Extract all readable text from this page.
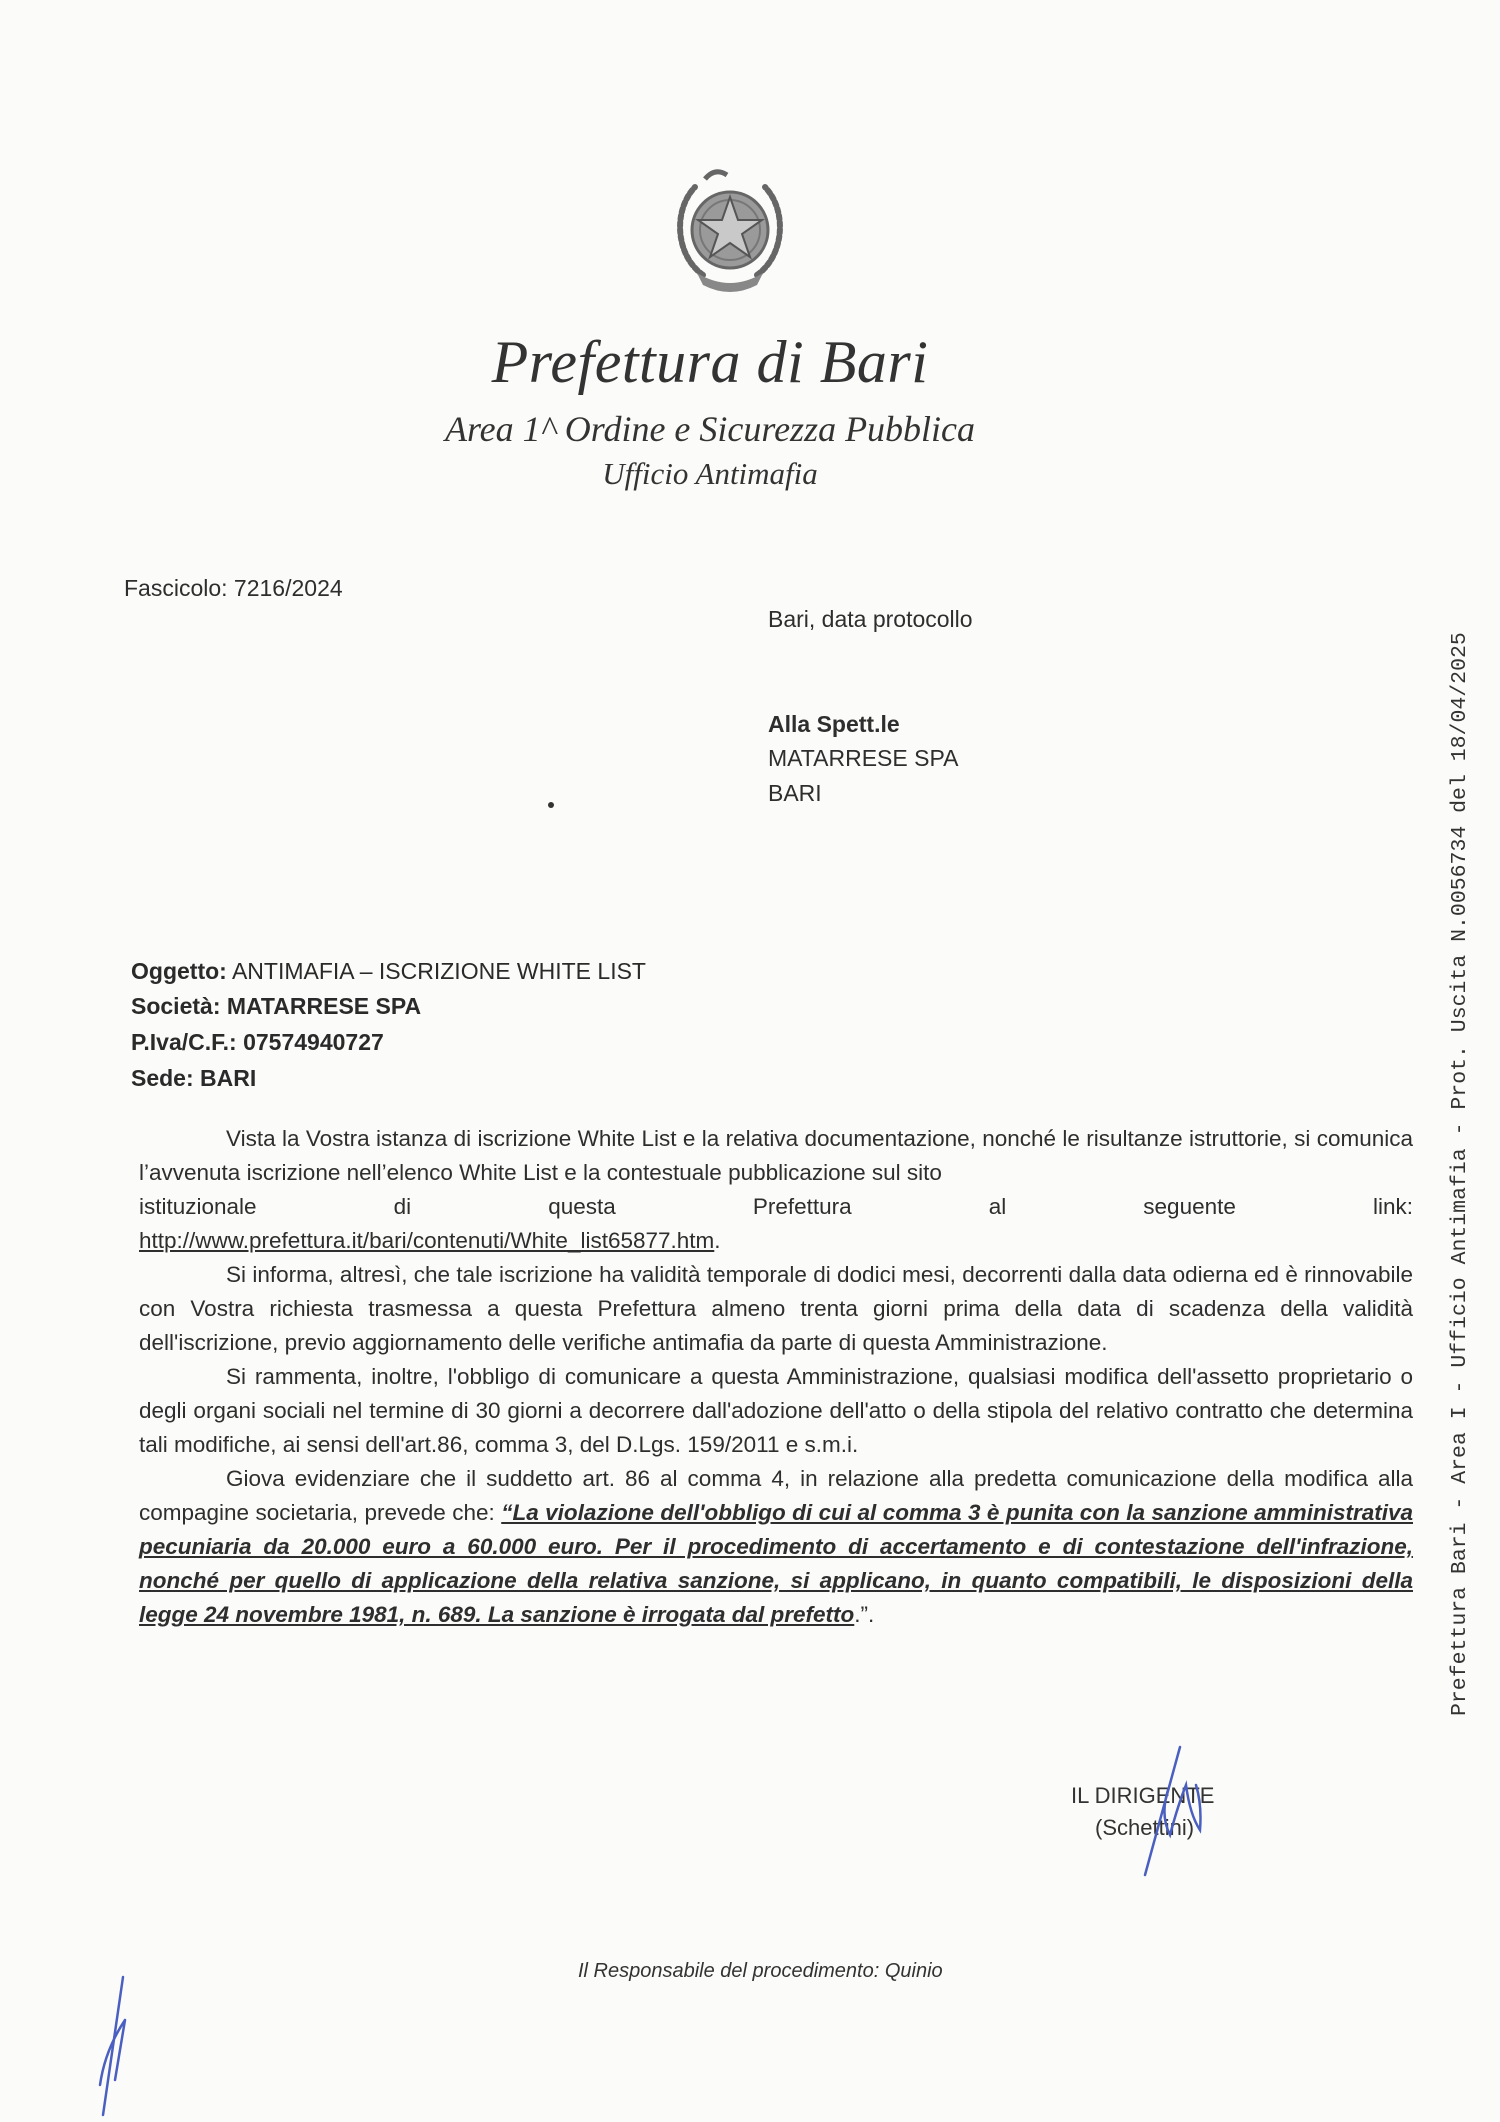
Prefettura di Bari
Area 1^ Ordine e Sicurezza Pubblica
Ufficio Antimafia
Fascicolo: 7216/2024
Bari, data protocollo
Alla Spett.le
MATARRESE SPA
BARI
Oggetto: ANTIMAFIA – ISCRIZIONE WHITE LIST
Società: MATARRESE SPA
P.Iva/C.F.: 07574940727
Sede: BARI

Vista la Vostra istanza di iscrizione White List e la relativa documentazione, nonché le risultanze istruttorie, si comunica l’avvenuta iscrizione nell’elenco White List e la contestuale pubblicazione sul sito

istituzionale	di	questa	Prefettura	al	seguente	link:

http://www.prefettura.it/bari/contenuti/White_list65877.htm.

Si informa, altresì, che tale iscrizione ha validità temporale di dodici mesi, decorrenti dalla data odierna ed è rinnovabile con Vostra richiesta trasmessa a questa Prefettura almeno trenta giorni prima della data di scadenza della validità dell'iscrizione, previo aggiornamento delle verifiche antimafia da parte di questa Amministrazione.

Si rammenta, inoltre, l'obbligo di comunicare a questa Amministrazione, qualsiasi modifica dell'assetto proprietario o degli organi sociali nel termine di 30 giorni a decorrere dall'adozione dell'atto o della stipola del relativo contratto che determina tali modifiche, ai sensi dell'art.86, comma 3, del D.Lgs. 159/2011 e s.m.i.

Giova evidenziare che il suddetto art. 86 al comma 4, in relazione alla predetta comunicazione della modifica alla compagine societaria, prevede che: “La violazione dell'obbligo di cui al comma 3 è punita con la sanzione amministrativa pecuniaria da 20.000 euro a 60.000 euro. Per il procedimento di accertamento e di contestazione dell'infrazione, nonché per quello di applicazione della relativa sanzione, si applicano, in quanto compatibili, le disposizioni della legge 24 novembre 1981, n. 689. La sanzione è irrogata dal prefetto.”.

IL DIRIGENTE
(Schettini)
Il Responsabile del procedimento: Quinio
Prefettura Bari - Area I - Ufficio Antimafia - Prot. Uscita N.0056734 del 18/04/2025
